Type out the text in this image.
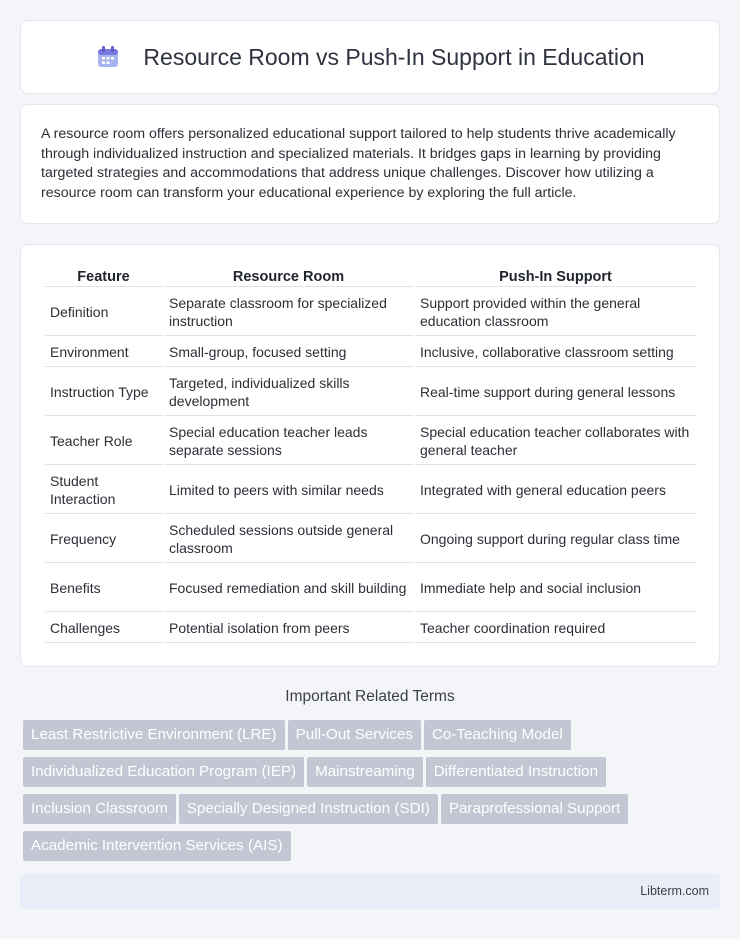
Resource Room vs Push-In Support in Education

A resource room offers personalized educational support tailored to help students thrive academically through individualized instruction and specialized materials. It bridges gaps in learning by providing targeted strategies and accommodations that address unique challenges. Discover how utilizing a resource room can transform your educational experience by exploring the full article.

Feature	Resource Room	Push-In Support
Definition	Separate classroom for specialized instruction	Support provided within the general education classroom
Environment	Small-group, focused setting	Inclusive, collaborative classroom setting
Instruction Type	Targeted, individualized skills development	Real-time support during general lessons
Teacher Role	Special education teacher leads separate sessions	Special education teacher collaborates with general teacher
Student Interaction	Limited to peers with similar needs	Integrated with general education peers
Frequency	Scheduled sessions outside general classroom	Ongoing support during regular class time
Benefits	Focused remediation and skill building	Immediate help and social inclusion
Challenges	Potential isolation from peers	Teacher coordination required
Important Related Terms
Least Restrictive Environment (LRE) Pull-Out Services Co-Teaching Model
Individualized Education Program (IEP) Mainstreaming Differentiated Instruction
Inclusion Classroom Specially Designed Instruction (SDI) Paraprofessional Support
Academic Intervention Services (AIS)
Libterm.com
